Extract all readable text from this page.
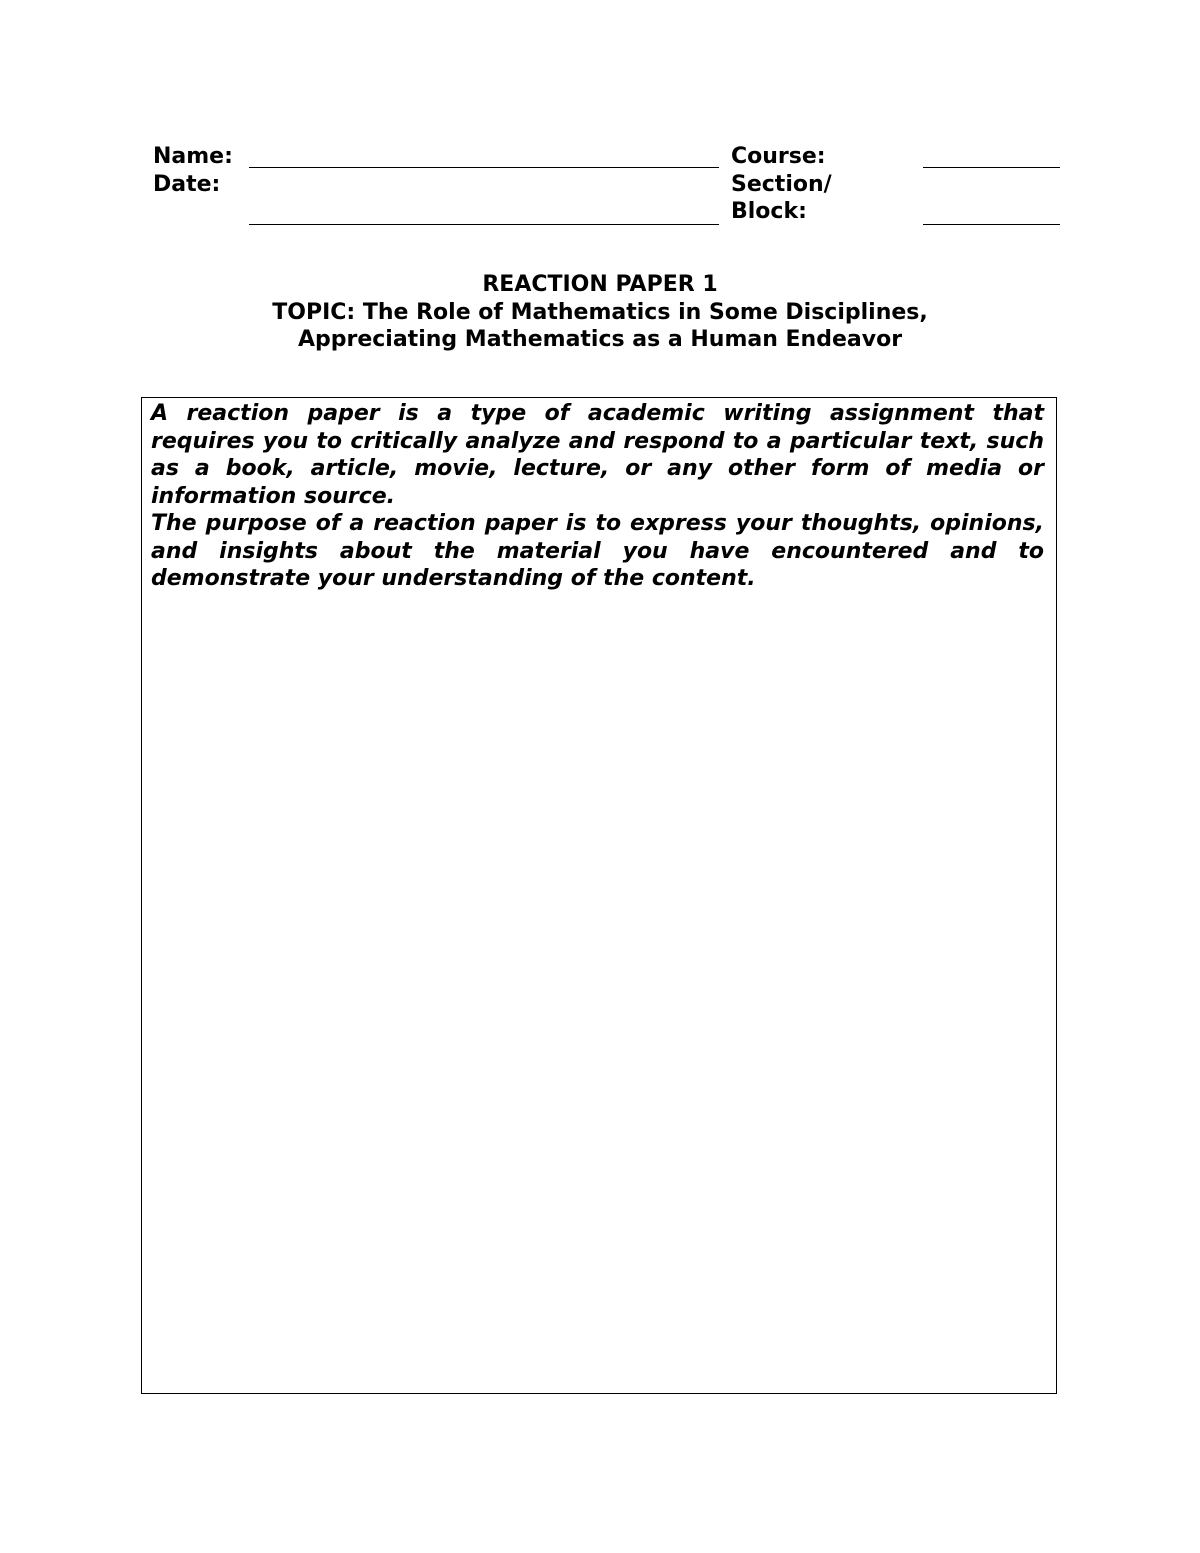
Name:
Date:
Course:
Section/
Block:
REACTION PAPER 1
TOPIC: The Role of Mathematics in Some Disciplines,
Appreciating Mathematics as a Human Endeavor

A reaction paper is a type of academic writing assignment that requires you to critically analyze and respond to a particular text, such as a book, article, movie, lecture, or any other form of media or information source.

The purpose of a reaction paper is to express your thoughts, opinions, and insights about the material you have encountered and to demonstrate your understanding of the content.
